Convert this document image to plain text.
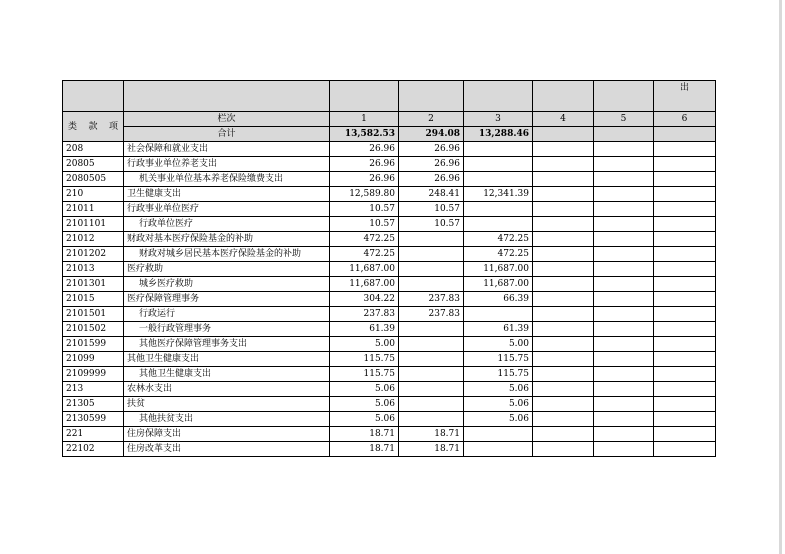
							出

类 款 项	栏次	1	2	3	4	5	6
	合计	13,582.53	294.08	13,288.46			
208	社会保障和就业支出	26.96	26.96				
20805	行政事业单位养老支出	26.96	26.96				
2080505	机关事业单位基本养老保险缴费支出	26.96	26.96				
210	卫生健康支出	12,589.80	248.41	12,341.39			
21011	行政事业单位医疗	10.57	10.57				
2101101	行政单位医疗	10.57	10.57				
21012	财政对基本医疗保险基金的补助	472.25		472.25			
2101202	财政对城乡居民基本医疗保险基金的补助	472.25		472.25			
21013	医疗救助	11,687.00		11,687.00			
2101301	城乡医疗救助	11,687.00		11,687.00			
21015	医疗保障管理事务	304.22	237.83	66.39			
2101501	行政运行	237.83	237.83				
2101502	一般行政管理事务	61.39		61.39			
2101599	其他医疗保障管理事务支出	5.00		5.00			
21099	其他卫生健康支出	115.75		115.75			
2109999	其他卫生健康支出	115.75		115.75			
213	农林水支出	5.06		5.06			
21305	扶贫	5.06		5.06			
2130599	其他扶贫支出	5.06		5.06			
221	住房保障支出	18.71	18.71				
22102	住房改革支出	18.71	18.71				
